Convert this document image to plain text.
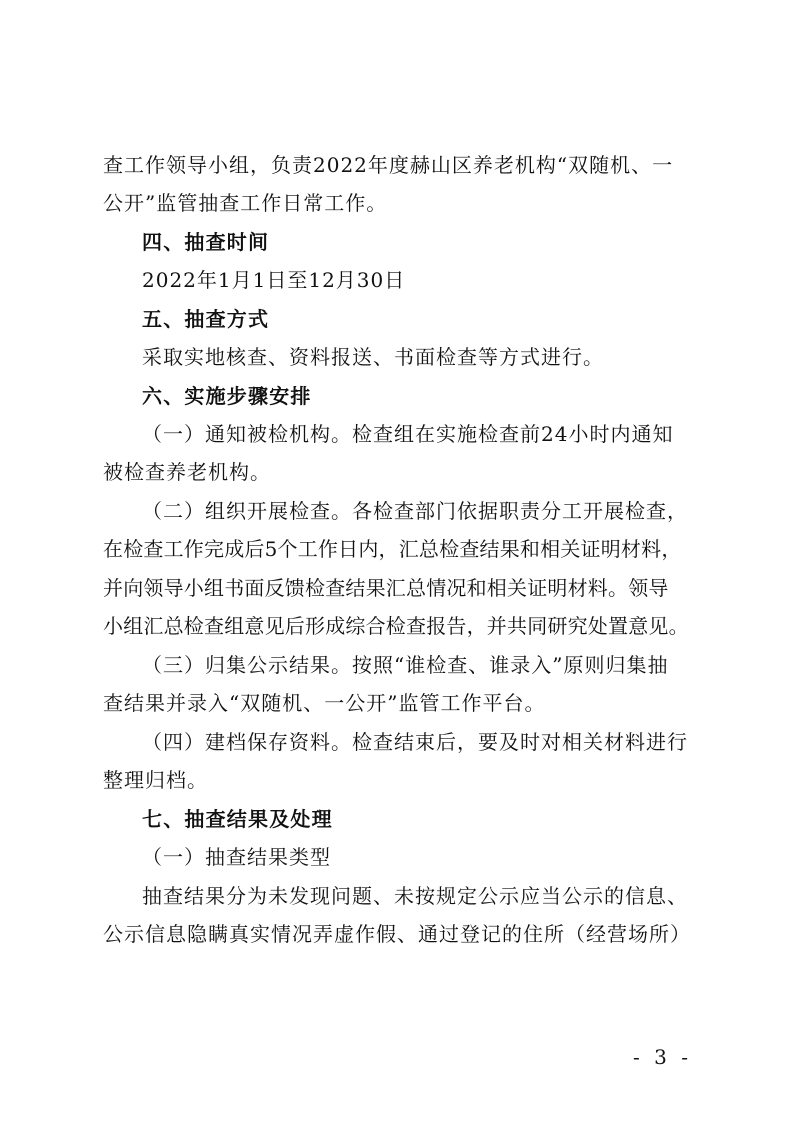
查工作领导小组，负责2022年度赫山区养老机构“双随机、一
公开”监管抽查工作日常工作。
四、抽查时间
2022年1月1日至12月30日
五、抽查方式
采取实地核查、资料报送、书面检查等方式进行。
六、实施步骤安排
（一）通知被检机构。检查组在实施检查前24小时内通知
被检查养老机构。
（二）组织开展检查。各检查部门依据职责分工开展检查，
在检查工作完成后5个工作日内，汇总检查结果和相关证明材料，
并向领导小组书面反馈检查结果汇总情况和相关证明材料。领导
小组汇总检查组意见后形成综合检查报告，并共同研究处置意见。
（三）归集公示结果。按照“谁检查、谁录入”原则归集抽
查结果并录入“双随机、一公开”监管工作平台。
（四）建档保存资料。检查结束后，要及时对相关材料进行
整理归档。
七、抽查结果及处理
（一）抽查结果类型
抽查结果分为未发现问题、未按规定公示应当公示的信息、
公示信息隐瞒真实情况弄虚作假、通过登记的住所（经营场所）
- 3 -
